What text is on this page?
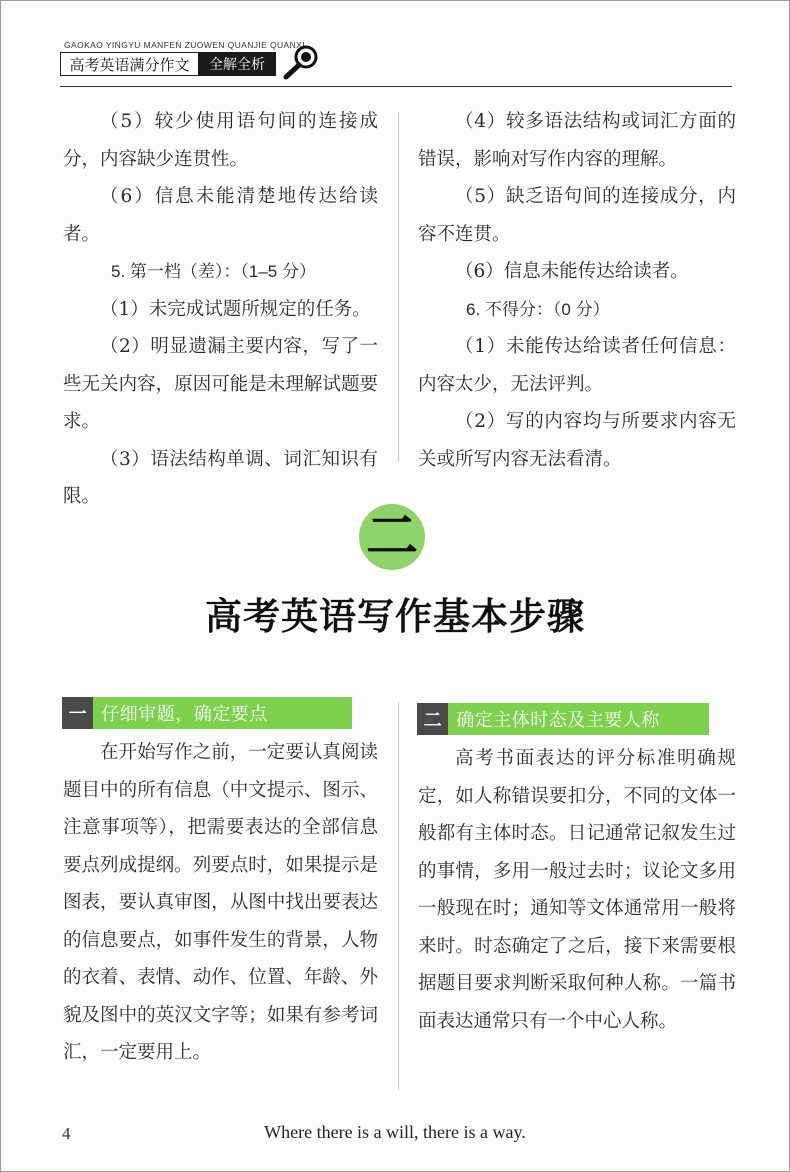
GAOKAO YINGYU MANFEN ZUOWEN QUANJIE QUANXI
高考英语满分作文	全解全析

（5）较少使用语句间的连接成分，内容缺少连贯性。

（6）信息未能清楚地传达给读者。

5. 第一档（差）：（1–5 分）

（1）未完成试题所规定的任务。

（2）明显遗漏主要内容，写了一些无关内容，原因可能是未理解试题要求。

（3）语法结构单调、词汇知识有限。

（4）较多语法结构或词汇方面的错误，影响对写作内容的理解。

（5）缺乏语句间的连接成分，内容不连贯。

（6）信息未能传达给读者。

6. 不得分：（0 分）

（1）未能传达给读者任何信息：内容太少，无法评判。

（2）写的内容均与所要求内容无关或所写内容无法看清。

二
高考英语写作基本步骤
一 仔细审题，确定要点

在开始写作之前，一定要认真阅读题目中的所有信息（中文提示、图示、注意事项等），把需要表达的全部信息要点列成提纲。列要点时，如果提示是图表，要认真审图，从图中找出要表达的信息要点，如事件发生的背景，人物的衣着、表情、动作、位置、年龄、外貌及图中的英汉文字等；如果有参考词汇，一定要用上。

二 确定主体时态及主要人称

高考书面表达的评分标准明确规定，如人称错误要扣分，不同的文体一般都有主体时态。日记通常记叙发生过的事情，多用一般过去时；议论文多用一般现在时；通知等文体通常用一般将来时。时态确定了之后，接下来需要根据题目要求判断采取何种人称。一篇书面表达通常只有一个中心人称。

4	Where there is a will, there is a way.
